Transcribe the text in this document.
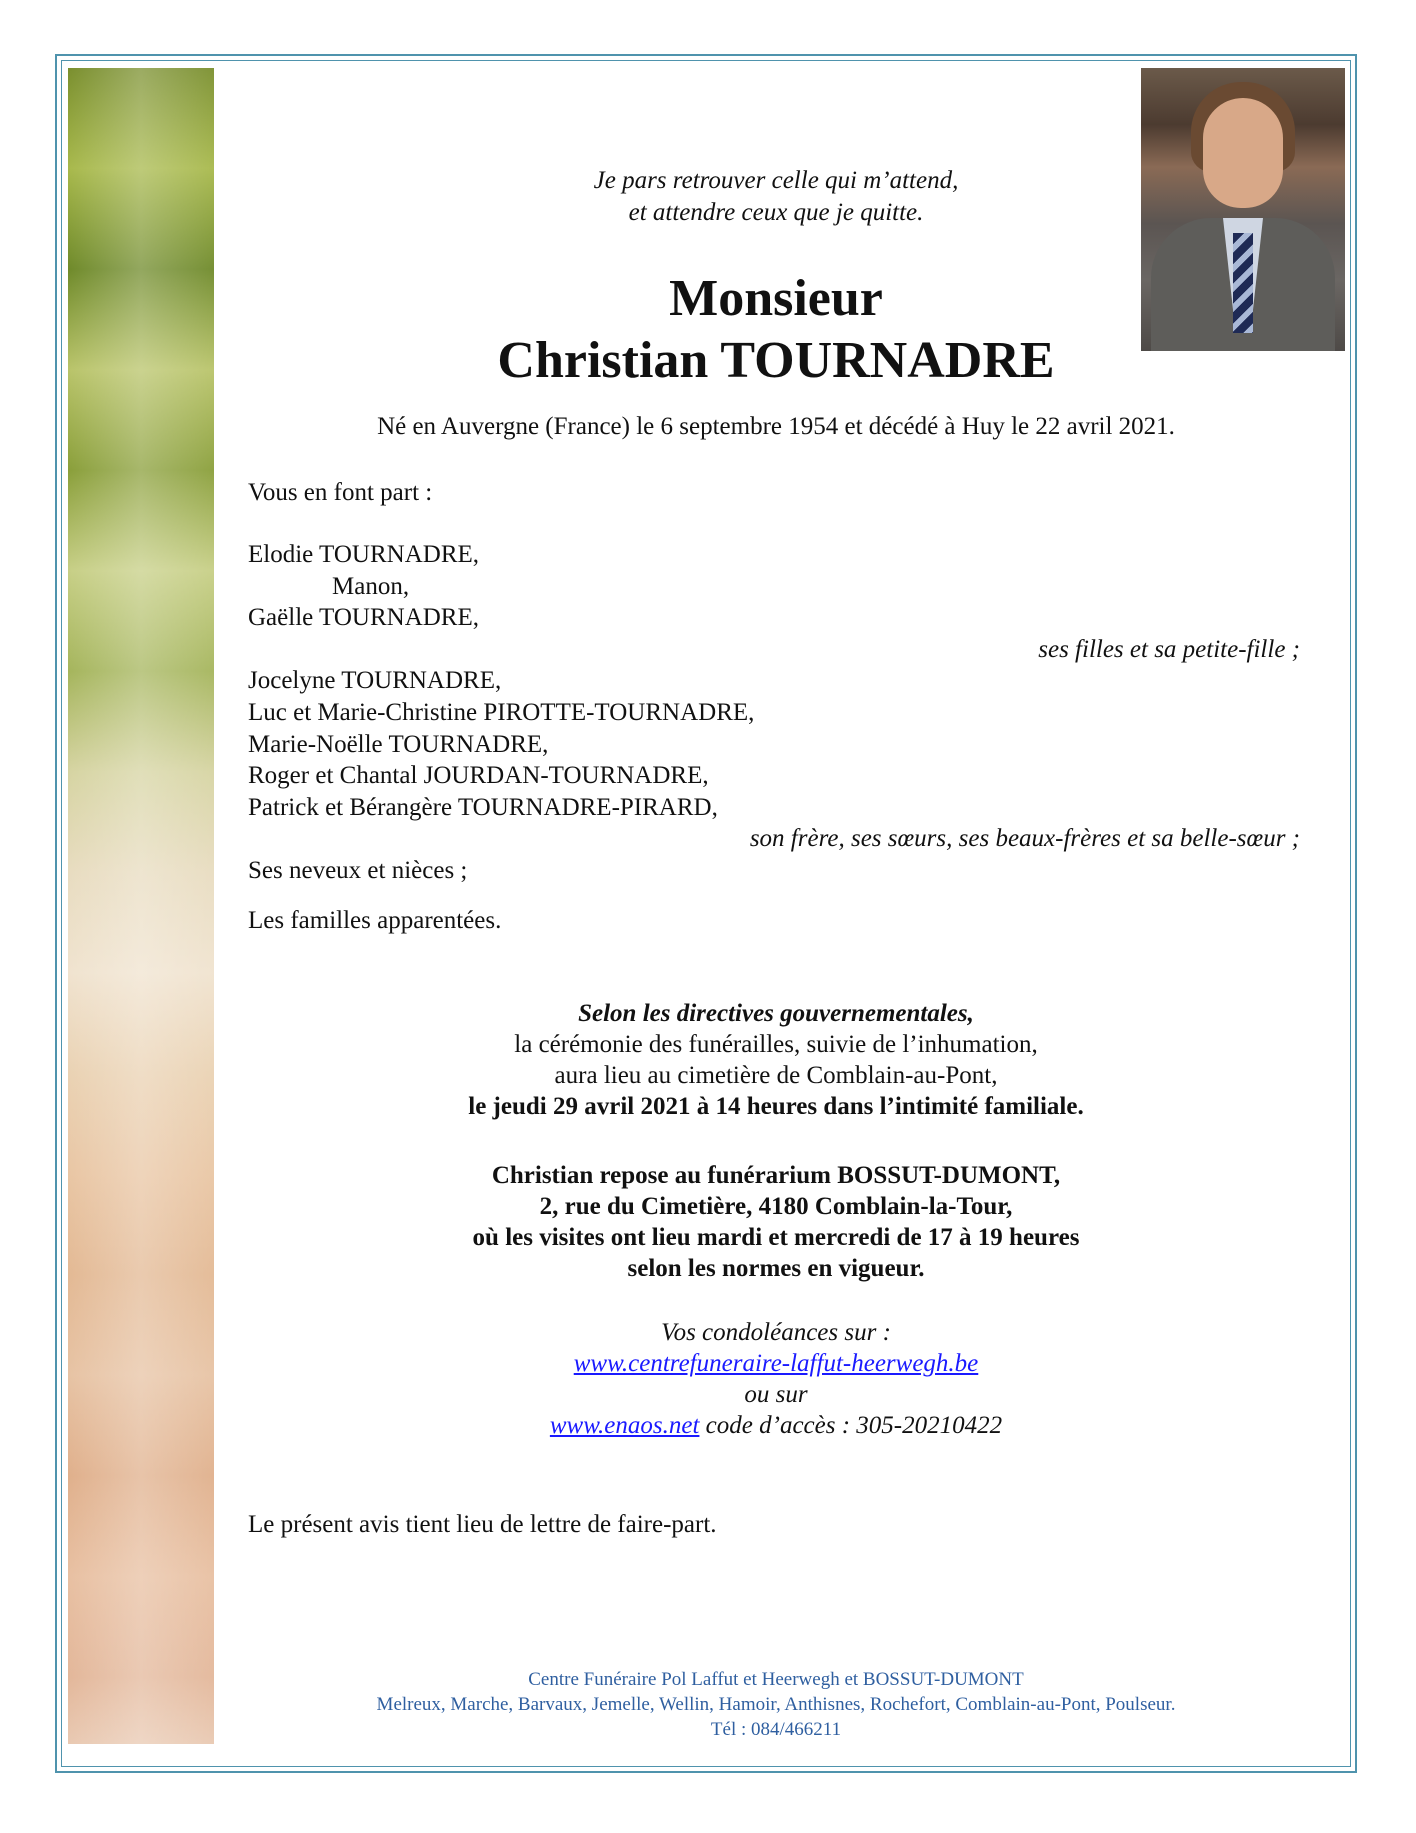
Je pars retrouver celle qui m’attend,
et attendre ceux que je quitte.
Monsieur
Christian TOURNADRE
Né en Auvergne (France) le 6 septembre 1954 et décédé à Huy le 22 avril 2021.
Vous en font part :
Elodie TOURNADRE,
Manon,
Gaëlle TOURNADRE,
ses filles et sa petite-fille ;
Jocelyne TOURNADRE,
Luc et Marie-Christine PIROTTE-TOURNADRE,
Marie-Noëlle TOURNADRE,
Roger et Chantal JOURDAN-TOURNADRE,
Patrick et Bérangère TOURNADRE-PIRARD,
son frère, ses sœurs, ses beaux-frères et sa belle-sœur ;
Ses neveux et nièces ;
Les familles apparentées.
Selon les directives gouvernementales,
la cérémonie des funérailles, suivie de l’inhumation,
aura lieu au cimetière de Comblain-au-Pont,
le jeudi 29 avril 2021 à 14 heures dans l’intimité familiale.
Christian repose au funérarium BOSSUT-DUMONT,
2, rue du Cimetière, 4180 Comblain-la-Tour,
où les visites ont lieu mardi et mercredi de 17 à 19 heures
selon les normes en vigueur.
Vos condoléances sur :
www.centrefuneraire-laffut-heerwegh.be
ou sur
www.enaos.net code d’accès : 305-20210422
Le présent avis tient lieu de lettre de faire-part.
Centre Funéraire Pol Laffut et Heerwegh et BOSSUT-DUMONT
Melreux, Marche, Barvaux, Jemelle, Wellin, Hamoir, Anthisnes, Rochefort, Comblain-au-Pont, Poulseur.
Tél : 084/466211
